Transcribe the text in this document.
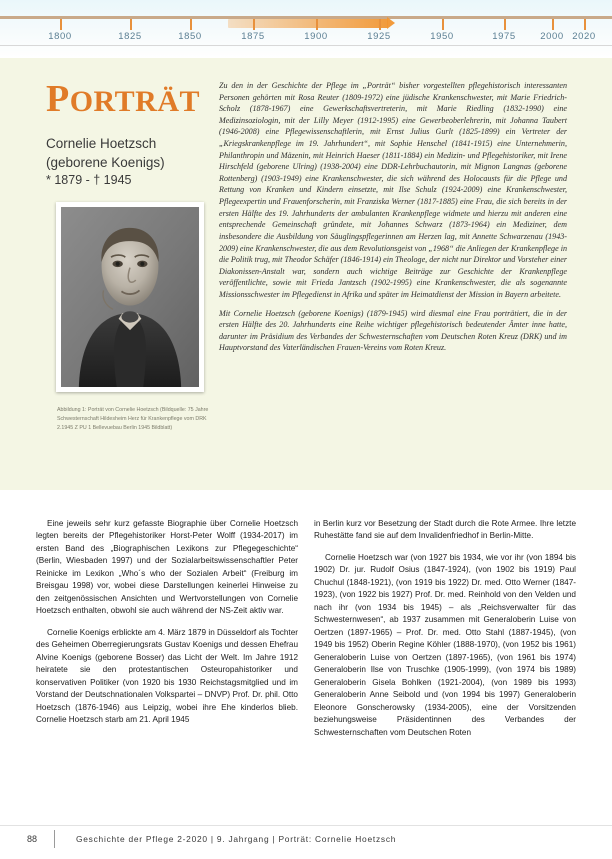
1800	1825	1850	1875	1900	1925	1950	1975	2000 2020
PORTRÄT

Cornelie Hoetzsch
(geborene Koenigs)

* 1879 - † 1945

Abbildung 1: Porträt von Cornelie Hoetzsch (Bildquelle: 75 Jahre Schwesternschaft Hildesheim Herz für Krankenpflege vom DRK 2.1945 Z PU 1 Bellevuebau Berlin 1945 Bildblatt)

Zu den in der Geschichte der Pflege im „Porträt“ bisher vorgestellten pflegehistorisch interessanten Personen gehörten mit Rosa Reuter (1809-1972) eine jüdische Krankenschwester, mit Marie Friedrich-Scholz (1878-1967) eine Gewerkschaftsvertreterin, mit Marie Riedling (1832-1990) eine Medizinsoziologin, mit der Lilly Meyer (1912-1995) eine Gewerbeoberlehrerin, mit Johanna Taubert (1946-2008) eine Pflegewissenschaftlerin, mit Ernst Julius Gurlt (1825-1899) ein Vertreter der „Kriegskrankenpflege im 19. Jahrhundert“, mit Sophie Henschel (1841-1915) eine Unternehmerin, Philanthropin und Mäzenin, mit Heinrich Haeser (1811-1884) ein Medizin- und Pflegehistoriker, mit Irene Hirschfeld (geborene Ulring) (1938-2004) eine DDR-Lehrbuchautorin, mit Mignon Langnas (geborene Rottenberg) (1903-1949) eine Krankenschwester, die sich während des Holocausts für die Pflege und Rettung von Kranken und Kindern einsetzte, mit Ilse Schulz (1924-2009) eine Krankenschwester, Pflegeexpertin und Frauenforscherin, mit Franziska Werner (1817-1885) eine Frau, die sich bereits in der ersten Hälfte des 19. Jahrhunderts der ambulanten Krankenpflege widmete und hierzu mit anderen eine entsprechende Gemeinschaft gründete, mit Johannes Schwarz (1873-1964) ein Mediziner, dem insbesondere die Ausbildung von Säuglingspflegerinnen am Herzen lag, mit Annette Schwarzenau (1943-2009) eine Krankenschwester, die aus dem Revolutionsgeist von „1968“ die Anliegen der Krankenpflege in die Politik trug, mit Theodor Schäfer (1846-1914) ein Theologe, der nicht nur Direktor und Vorsteher einer Diakonissen-Anstalt war, sondern auch wichtige Beiträge zur Geschichte der Krankenpflege veröffentlichte, sowie mit Frieda Jantzsch (1902-1995) eine Krankenschwester, die als sogenannte Missionsschwester im Pflegedienst in Afrika und später im Heimatdienst der Mission in Bayern arbeitete.

Mit Cornelie Hoetzsch (geborene Koenigs) (1879-1945) wird diesmal eine Frau porträtiert, die in der ersten Hälfte des 20. Jahrhunderts eine Reihe wichtiger pflegehistorisch bedeutender Ämter inne hatte, darunter im Präsidium des Verbandes der Schwesternschaften vom Deutschen Roten Kreuz (DRK) und im Hauptvorstand des Vaterländischen Frauen-Vereins vom Roten Kreuz.

Eine jeweils sehr kurz gefasste Biographie über Cornelie Hoetzsch legten bereits der Pflegehistoriker Horst-Peter Wolff (1934-2017) im ersten Band des „Biographischen Lexikons zur Pflegegeschichte“ (Berlin, Wiesbaden 1997) und der Sozialarbeitswissenschaftler Peter Reinicke im Lexikon „Who´s who der Sozialen Arbeit“ (Freiburg im Breisgau 1998) vor, wobei diese Darstellungen keinerlei Hinweise zu den zeitgenössischen Ansichten und Wertvorstellungen von Cornelie Hoetzsch enthalten, obwohl sie auch während der NS-Zeit aktiv war.

Cornelie Koenigs erblickte am 4. März 1879 in Düsseldorf als Tochter des Geheimen Oberregierungsrats Gustav Koenigs und dessen Ehefrau Alvine Koenigs (geborene Bosser) das Licht der Welt. Im Jahre 1912 heiratete sie den protestantischen Osteuropahistoriker und konservativen Politiker (von 1920 bis 1930 Reichstagsmitglied und im Vorstand der Deutschnationalen Volkspartei – DNVP) Prof. Dr. phil. Otto Hoetzsch (1876-1946) aus Leipzig, wobei ihre Ehe kinderlos blieb. Cornelie Hoetzsch starb am 21. April 1945

in Berlin kurz vor Besetzung der Stadt durch die Rote Armee. Ihre letzte Ruhestätte fand sie auf dem Invalidenfriedhof in Berlin-Mitte.

Cornelie Hoetzsch war (von 1927 bis 1934, wie vor ihr (von 1894 bis 1902) Dr. jur. Rudolf Osius (1847-1924), (von 1902 bis 1919) Paul Chuchul (1848-1921), (von 1919 bis 1922) Dr. med. Otto Werner (1847-1923), (von 1922 bis 1927) Prof. Dr. med. Reinhold von den Velden und nach ihr (von 1934 bis 1945) – als „Reichsverwalter für das Schwesternwesen“, ab 1937 zusammen mit Generaloberin Luise von Oertzen (1897-1965) – Prof. Dr. med. Otto Stahl (1887-1945), (von 1949 bis 1952) Oberin Regine Köhler (1888-1970), (von 1952 bis 1961) Generaloberin Luise von Oertzen (1897-1965), (von 1961 bis 1974) Generaloberin Ilse von Truschke (1905-1999), (von 1974 bis 1989) Generaloberin Gisela Bohlken (1921-2004), (von 1989 bis 1993) Generaloberin Anne Seibold und (von 1994 bis 1997) Generaloberin Eleonore Gonscherowsky (1934-2005), eine der Vorsitzenden beziehungsweise Präsidentinnen des Verbandes der Schwesternschaften vom Deutschen Roten

88	Geschichte der Pflege 2-2020 | 9. Jahrgang | Porträt: Cornelie Hoetzsch
